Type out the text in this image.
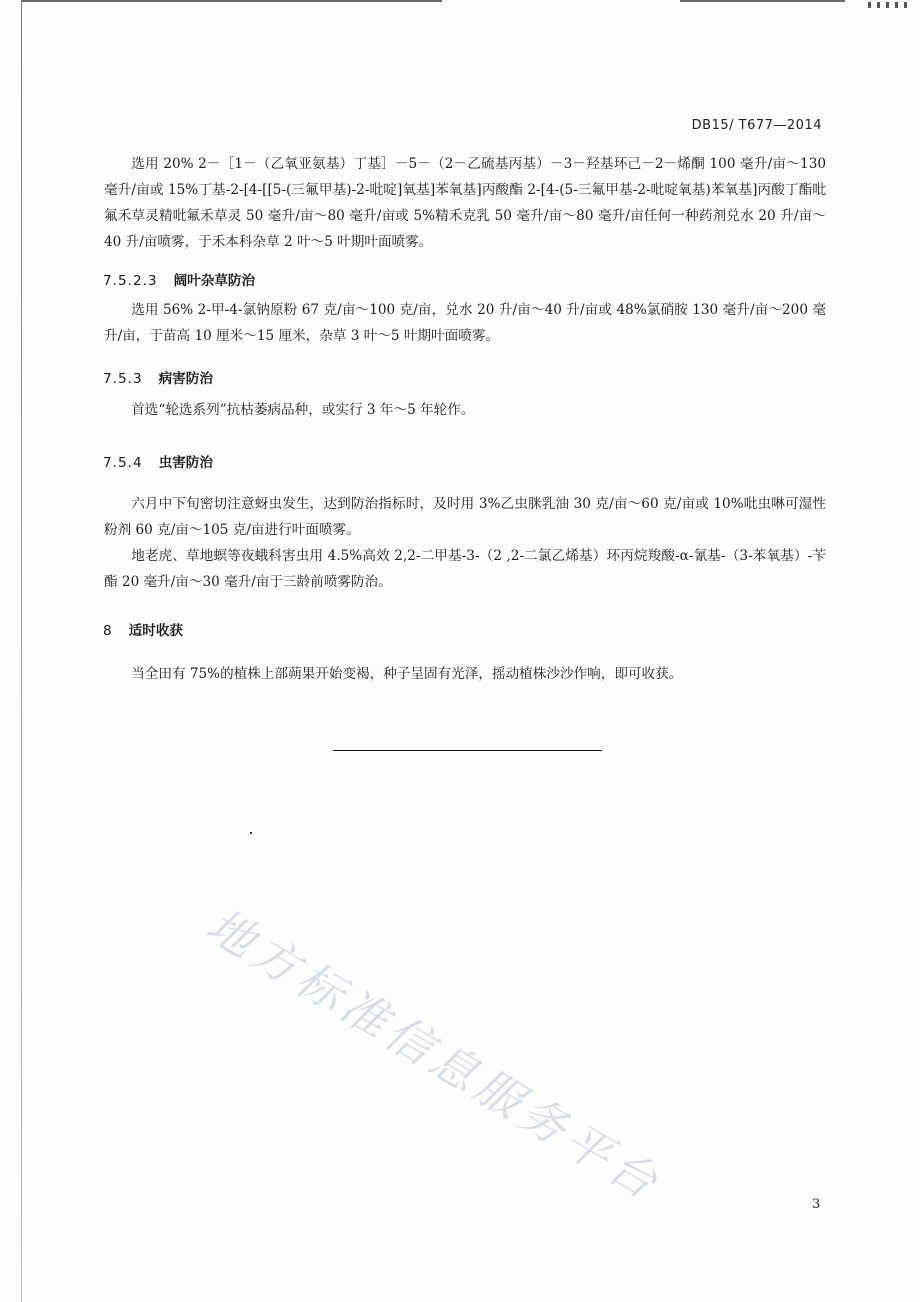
DB15/ T677—2014

选用 20% 2－［1－（乙氧亚氨基）丁基］－5－（2－乙硫基丙基）－3－羟基环己－2－烯酮 100 毫升/亩～130 毫升/亩或 15%丁基-2-[4-[[5-(三氟甲基)-2-吡啶]氧基]苯氧基]丙酸酯 2-[4-(5-三氟甲基-2-吡啶氧基)苯氧基]丙酸丁酯吡氟禾草灵精吡氟禾草灵 50 毫升/亩～80 毫升/亩或 5%精禾克乳 50 毫升/亩～80 毫升/亩任何一种药剂兑水 20 升/亩～40 升/亩喷雾，于禾本科杂草 2 叶～5 叶期叶面喷雾。

7.5.2.3 阔叶杂草防治

选用 56% 2-甲-4-氯钠原粉 67 克/亩～100 克/亩，兑水 20 升/亩～40 升/亩或 48%氯硝胺 130 毫升/亩～200 毫升/亩，于苗高 10 厘米～15 厘米，杂草 3 叶～5 叶期叶面喷雾。

7.5.3 病害防治

首选“轮选系列”抗枯萎病品种，或实行 3 年～5 年轮作。

7.5.4 虫害防治

六月中下旬密切注意蚜虫发生，达到防治指标时，及时用 3%乙虫脒乳油 30 克/亩～60 克/亩或 10%吡虫啉可湿性粉剂 60 克/亩～105 克/亩进行叶面喷雾。

地老虎、草地螟等夜蛾科害虫用 4.5%高效 2,2-二甲基-3-（2 ,2-二氯乙烯基）环丙烷羧酸-α-氰基-（3-苯氧基）-苄酯 20 毫升/亩～30 毫升/亩于三龄前喷雾防治。

8 适时收获

当全田有 75%的植株上部蒴果开始变褐，种子呈固有光泽，摇动植株沙沙作响，即可收获。

地方标准信息服务平台	3
